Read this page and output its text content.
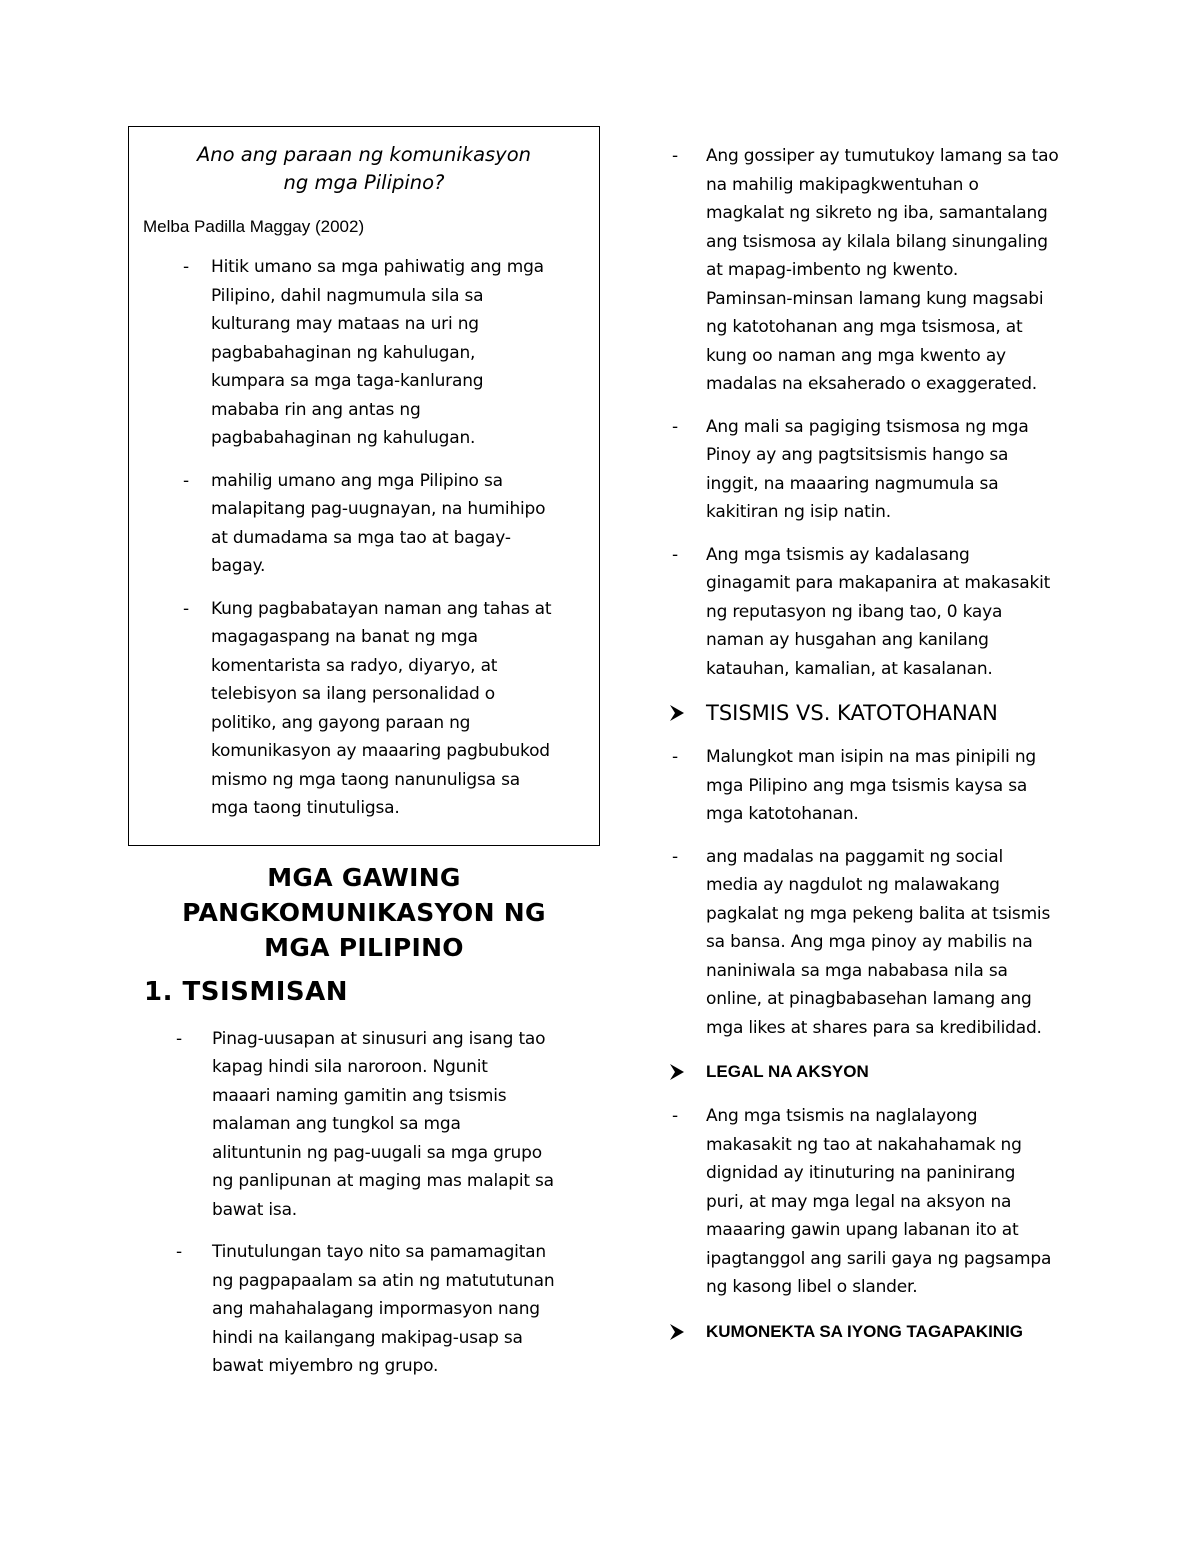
Ano ang paraan ng komunikasyon

ng mga Pilipino?

Melba Padilla Maggay (2002)
- Hitik umano sa mga pahiwatig ang mga
Pilipino, dahil nagmumula sila sa
kulturang may mataas na uri ng
pagbabahaginan ng kahulugan,
kumpara sa mga taga-kanlurang
mababa rin ang antas ng
pagbabahaginan ng kahulugan.
- mahilig umano ang mga Pilipino sa
malapitang pag-uugnayan, na humihipo
at dumadama sa mga tao at bagay-
bagay.
- Kung pagbabatayan naman ang tahas at
magagaspang na banat ng mga
komentarista sa radyo, diyaryo, at
telebisyon sa ilang personalidad o
politiko, ang gayong paraan ng
komunikasyon ay maaaring pagbubukod
mismo ng mga taong nanunuligsa sa
mga taong tinutuligsa.
MGA GAWING
PANGKOMUNIKASYON NG
MGA PILIPINO
1. TSISMISAN
- Pinag-uusapan at sinusuri ang isang tao
kapag hindi sila naroroon. Ngunit
maaari naming gamitin ang tsismis
malaman ang tungkol sa mga
alituntunin ng pag-uugali sa mga grupo
ng panlipunan at maging mas malapit sa
bawat isa.
- Tinutulungan tayo nito sa pamamagitan
ng pagpapaalam sa atin ng matututunan
ang mahahalagang impormasyon nang
hindi na kailangang makipag-usap sa
bawat miyembro ng grupo.
- Ang gossiper ay tumutukoy lamang sa tao
na mahilig makipagkwentuhan o
magkalat ng sikreto ng iba, samantalang
ang tsismosa ay kilala bilang sinungaling
at mapag-imbento ng kwento.
Paminsan-minsan lamang kung magsabi
ng katotohanan ang mga tsismosa, at
kung oo naman ang mga kwento ay
madalas na eksaherado o exaggerated.
- Ang mali sa pagiging tsismosa ng mga
Pinoy ay ang pagtsitsismis hango sa
inggit, na maaaring nagmumula sa
kakitiran ng isip natin.
- Ang mga tsismis ay kadalasang
ginagamit para makapanira at makasakit
ng reputasyon ng ibang tao, 0 kaya
naman ay husgahan ang kanilang
katauhan, kamalian, at kasalanan.
TSISMIS VS. KATOTOHANAN
- Malungkot man isipin na mas pinipili ng
mga Pilipino ang mga tsismis kaysa sa
mga katotohanan.
- ang madalas na paggamit ng social
media ay nagdulot ng malawakang
pagkalat ng mga pekeng balita at tsismis
sa bansa. Ang mga pinoy ay mabilis na
naniniwala sa mga nababasa nila sa
online, at pinagbabasehan lamang ang
mga likes at shares para sa kredibilidad.
LEGAL NA AKSYON
- Ang mga tsismis na naglalayong
makasakit ng tao at nakahahamak ng
dignidad ay itinuturing na paninirang
puri, at may mga legal na aksyon na
maaaring gawin upang labanan ito at
ipagtanggol ang sarili gaya ng pagsampa
ng kasong libel o slander.
KUMONEKTA SA IYONG TAGAPAKINIG
